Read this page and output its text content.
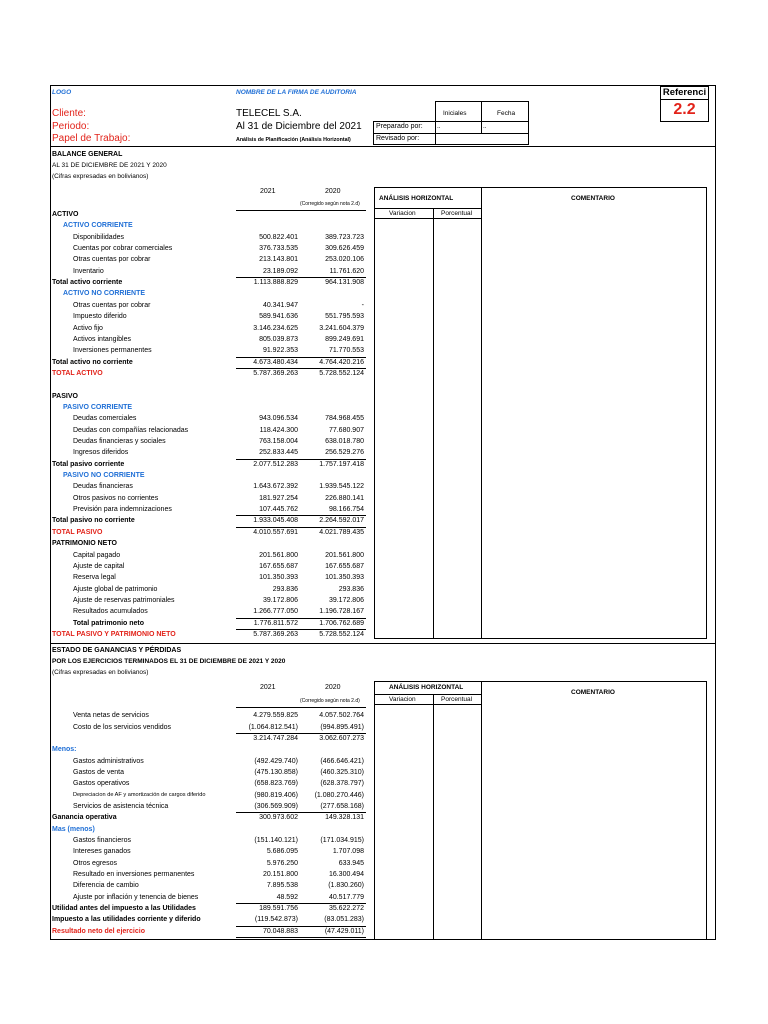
LOGO	NOMBRE DE LA FIRMA DE AUDITORIA	Referenci
2.2
Cliente:	TELECEL S.A.
Periodo:	Al 31 de Diciembre del 2021
Papel de Trabajo:	Análisis de Planificación (Análisis Horizontal)
Iniciales	Fecha
Preparado por: ..	..
Revisado por:
BALANCE GENERAL
AL 31 DE DICIEMBRE DE 2021 Y 2020
(Cifras expresadas en bolivianos)
2021	2020
(Corregido según nota 2.d)
ANÁLISIS HORIZONTAL
Variacion	Porcentual
COMENTARIO
ACTIVO
ACTIVO CORRIENTE
Disponibilidades	500.822.401	389.723.723
Cuentas por cobrar comerciales	376.733.535	309.626.459
Otras cuentas por cobrar	213.143.801	253.020.106
Inventario	23.189.092	11.761.620
Total activo corriente	1.113.888.829	964.131.908
ACTIVO NO CORRIENTE
Otras cuentas por cobrar	40.341.947	-
Impuesto diferido	589.941.636	551.795.593
Activo fijo	3.146.234.625	3.241.604.379
Activos intangibles	805.039.873	899.249.691
Inversiones permanentes	91.922.353	71.770.553
Total activo no corriente	4.673.480.434	4.764.420.216
TOTAL ACTIVO	5.787.369.263	5.728.552.124
PASIVO
PASIVO CORRIENTE
Deudas comerciales	943.096.534	784.968.455
Deudas con compañías relacionadas	118.424.300	77.680.907
Deudas financieras y sociales	763.158.004	638.018.780
Ingresos diferidos	252.833.445	256.529.276
Total pasivo corriente	2.077.512.283	1.757.197.418
PASIVO NO CORRIENTE
Deudas financieras	1.643.672.392	1.939.545.122
Otros pasivos no corrientes	181.927.254	226.880.141
Previsión para indemnizaciones	107.445.762	98.166.754
Total pasivo no corriente	1.933.045.408	2.264.592.017
TOTAL PASIVO	4.010.557.691	4.021.789.435
PATRIMONIO NETO
Capital pagado	201.561.800	201.561.800
Ajuste de capital	167.655.687	167.655.687
Reserva legal	101.350.393	101.350.393
Ajuste global de patrimonio	293.836	293.836
Ajuste de reservas patrimoniales	39.172.806	39.172.806
Resultados acumulados	1.266.777.050	1.196.728.167
Total patrimonio neto	1.776.811.572	1.706.762.689
TOTAL PASIVO Y PATRIMONIO NETO	5.787.369.263	5.728.552.124
ESTADO DE GANANCIAS Y PÉRDIDAS
POR LOS EJERCICIOS TERMINADOS EL 31 DE DICIEMBRE DE 2021 Y 2020
(Cifras expresadas en bolivianos)
2021	2020
(Corregido según nota 2.d)
ANÁLISIS HORIZONTAL
Variacion	Porcentual
COMENTARIO
Venta netas de servicios	4.279.559.825	4.057.502.764
Costo de los servicios vendidos	(1.064.812.541)	(994.895.491)
3.214.747.284	3.062.607.273
Menos:
Gastos administrativos	(492.429.740)	(466.646.421)
Gastos de venta	(475.130.858)	(460.325.310)
Gastos operativos	(658.823.769)	(628.378.797)
Depreciacion de AF y amortización de cargos diferido	(980.819.406)	(1.080.270.446)
Servicios de asistencia técnica	(306.569.909)	(277.658.168)
Ganancia operativa	300.973.602	149.328.131
Mas (menos)
Gastos financieros	(151.140.121)	(171.034.915)
Intereses ganados	5.686.095	1.707.098
Otros egresos	5.976.250	633.945
Resultado en inversiones permanentes	20.151.800	16.300.494
Diferencia de cambio	7.895.538	(1.830.260)
Ajuste por inflación y tenencia de bienes	48.592	40.517.779
Utilidad antes del impuesto a las Utilidades	189.591.756	35.622.272
Impuesto a las utilidades corriente y diferido	(119.542.873)	(83.051.283)
Resultado neto del ejercicio	70.048.883	(47.429.011)
